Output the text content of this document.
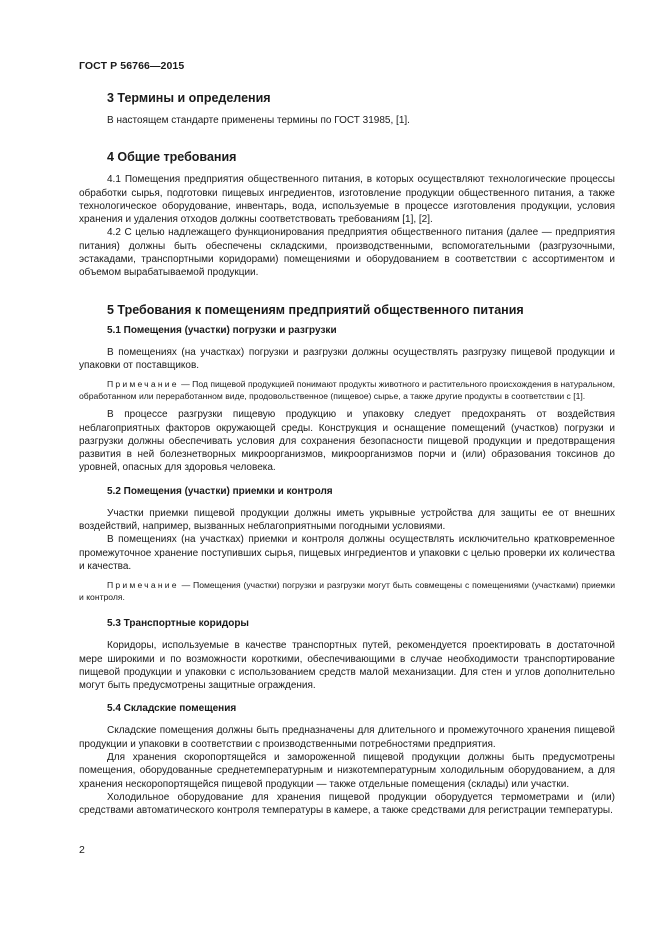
ГОСТ Р 56766—2015
3 Термины и определения

В настоящем стандарте применены термины по ГОСТ 31985, [1].

4 Общие требования

4.1 Помещения предприятия общественного питания, в которых осуществляют технологические процессы обработки сырья, подготовки пищевых ингредиентов, изготовление продукции общественного питания, а также технологическое оборудование, инвентарь, вода, используемые в процессе изготовления продукции, условия хранения и удаления отходов должны соответствовать требованиям [1], [2].

4.2 С целью надлежащего функционирования предприятия общественного питания (далее — предприятия питания) должны быть обеспечены складскими, производственными, вспомогательными (разгрузочными, эстакадами, транспортными коридорами) помещениями и оборудованием в соответствии с ассортиментом и объемом вырабатываемой продукции.

5 Требования к помещениям предприятий общественного питания
5.1 Помещения (участки) погрузки и разгрузки

В помещениях (на участках) погрузки и разгрузки должны осуществлять разгрузку пищевой продукции и упаковки от поставщиков.

Примечание — Под пищевой продукцией понимают продукты животного и растительного происхождения в натуральном, обработанном или переработанном виде, продовольственное (пищевое) сырье, а также другие продукты в соответствии с [1].

В процессе разгрузки пищевую продукцию и упаковку следует предохранять от воздействия неблагоприятных факторов окружающей среды. Конструкция и оснащение помещений (участков) погрузки и разгрузки должны обеспечивать условия для сохранения безопасности пищевой продукции и предотвращения развития в ней болезнетворных микроорганизмов, микроорганизмов порчи и (или) образования токсинов до уровней, опасных для здоровья человека.

5.2 Помещения (участки) приемки и контроля

Участки приемки пищевой продукции должны иметь укрывные устройства для защиты ее от внешних воздействий, например, вызванных неблагоприятными погодными условиями.

В помещениях (на участках) приемки и контроля должны осуществлять исключительно кратковременное промежуточное хранение поступивших сырья, пищевых ингредиентов и упаковки с целью проверки их количества и качества.

Примечание — Помещения (участки) погрузки и разгрузки могут быть совмещены с помещениями (участками) приемки и контроля.

5.3 Транспортные коридоры

Коридоры, используемые в качестве транспортных путей, рекомендуется проектировать в достаточной мере широкими и по возможности короткими, обеспечивающими в случае необходимости транспортирование пищевой продукции и упаковки с использованием средств малой механизации. Для стен и углов дополнительно могут быть предусмотрены защитные ограждения.

5.4 Складские помещения

Складские помещения должны быть предназначены для длительного и промежуточного хранения пищевой продукции и упаковки в соответствии с производственными потребностями предприятия.

Для хранения скоропортящейся и замороженной пищевой продукции должны быть предусмотрены помещения, оборудованные среднетемпературным и низкотемпературным холодильным оборудованием, а для хранения нескоропортящейся пищевой продукции — также отдельные помещения (склады) или участки.

Холодильное оборудование для хранения пищевой продукции оборудуется термометрами и (или) средствами автоматического контроля температуры в камере, а также средствами для регистрации температуры.

2
